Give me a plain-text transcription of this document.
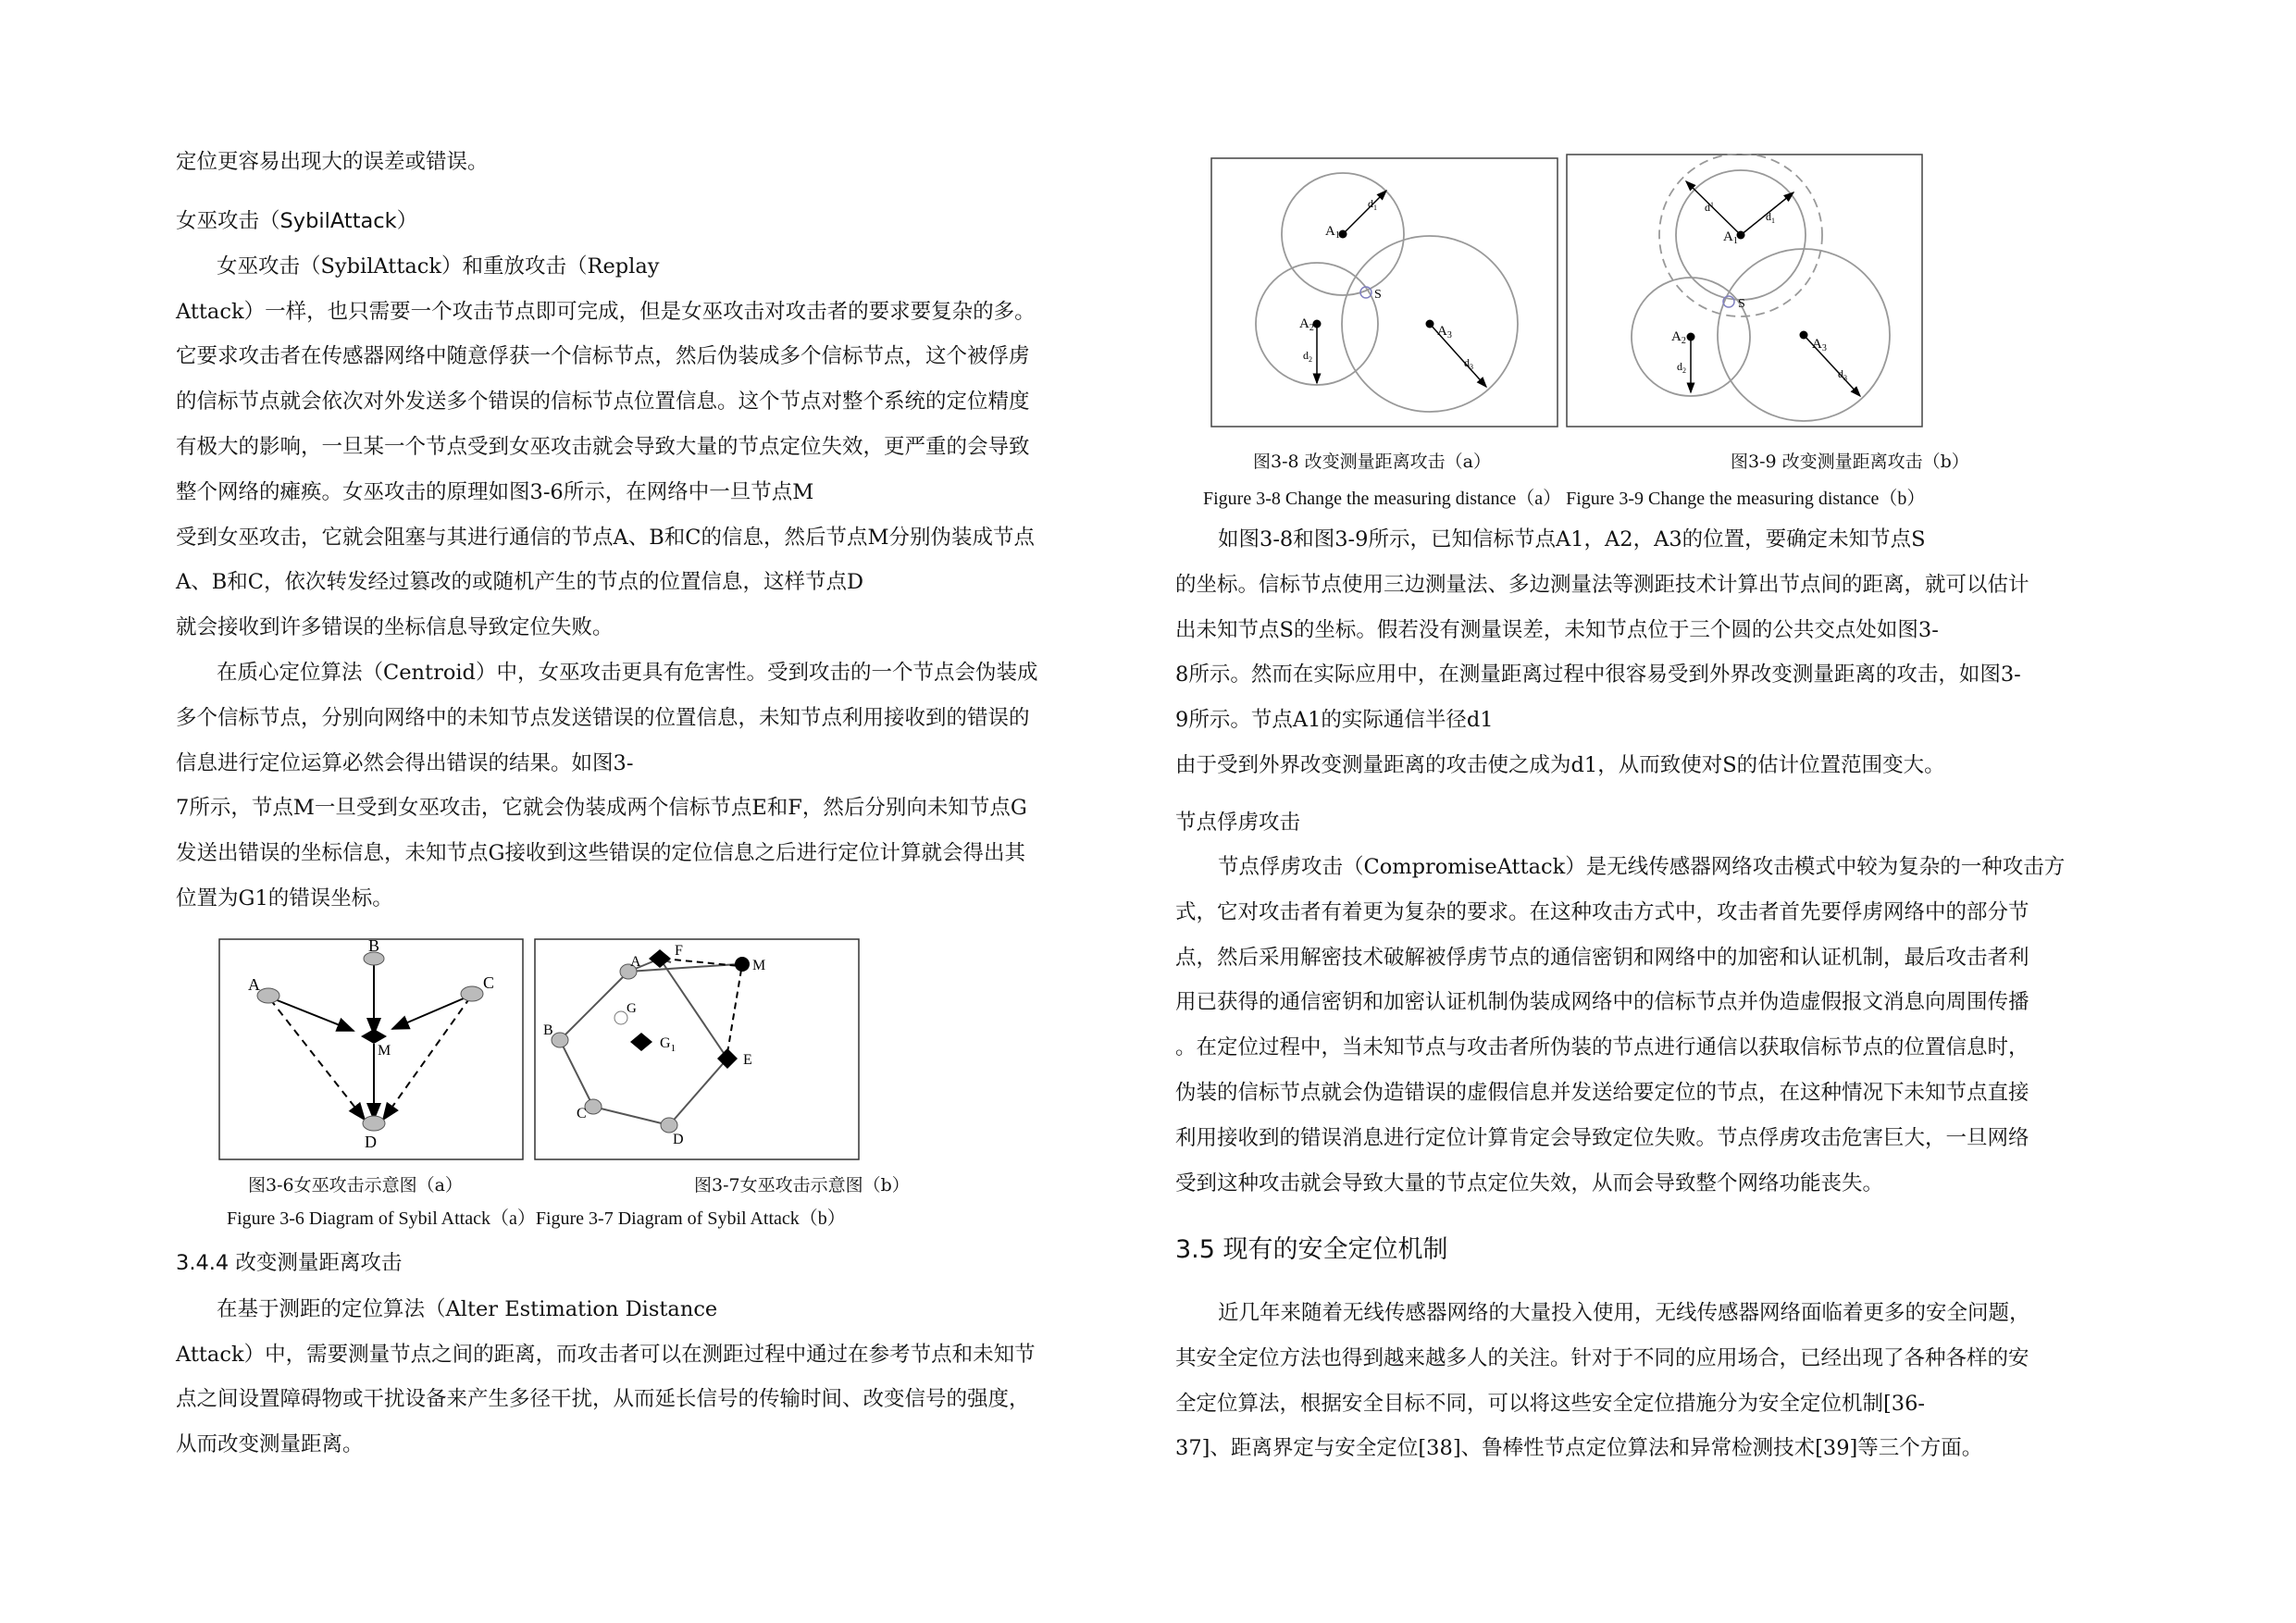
定位更容易出现大的误差或错误。
女巫攻击（SybilAttack）
女巫攻击（SybilAttack）和重放攻击（Replay
Attack）一样，也只需要一个攻击节点即可完成，但是女巫攻击对攻击者的要求要复杂的多。
它要求攻击者在传感器网络中随意俘获一个信标节点，然后伪装成多个信标节点，这个被俘虏
的信标节点就会依次对外发送多个错误的信标节点位置信息。这个节点对整个系统的定位精度
有极大的影响，一旦某一个节点受到女巫攻击就会导致大量的节点定位失效，更严重的会导致
整个网络的瘫痪。女巫攻击的原理如图3-6所示，在网络中一旦节点M
受到女巫攻击，它就会阻塞与其进行通信的节点A、B和C的信息，然后节点M分别伪装成节点
A、B和C，依次转发经过篡改的或随机产生的节点的位置信息，这样节点D
就会接收到许多错误的坐标信息导致定位失败。
在质心定位算法（Centroid）中，女巫攻击更具有危害性。受到攻击的一个节点会伪装成
多个信标节点，分别向网络中的未知节点发送错误的位置信息，未知节点利用接收到的错误的
信息进行定位运算必然会得出错误的结果。如图3-
7所示，节点M一旦受到女巫攻击，它就会伪装成两个信标节点E和F，然后分别向未知节点G
发送出错误的坐标信息，未知节点G接收到这些错误的定位信息之后进行定位计算就会得出其
位置为G1的错误坐标。
图3-6女巫攻击示意图（a）	图3-7女巫攻击示意图（b）
Figure 3-6 Diagram of Sybil Attack（a）Figure 3-7 Diagram of Sybil Attack（b）
3.4.4 改变测量距离攻击
在基于测距的定位算法（Alter Estimation Distance
Attack）中，需要测量节点之间的距离，而攻击者可以在测距过程中通过在参考节点和未知节
点之间设置障碍物或干扰设备来产生多径干扰，从而延长信号的传输时间、改变信号的强度，
从而改变测量距离。
B
A	C
M
D
A
F
M
G
$G_1$
B
E
C
D
$A_1$
$d_1$
S
$A_2$
$d_2$
$A_3$
$d_3$
$A_1$
$d_1$
$d^1$
S
$A_2$
$d_2$
$A_3$
$d_3$
图3-8 改变测量距离攻击（a）	图3-9 改变测量距离攻击（b）
Figure 3-8 Change the measuring distance（a） Figure 3-9 Change the measuring distance（b）
如图3-8和图3-9所示，已知信标节点A1，A2，A3的位置，要确定未知节点S
的坐标。信标节点使用三边测量法、多边测量法等测距技术计算出节点间的距离，就可以估计
出未知节点S的坐标。假若没有测量误差，未知节点位于三个圆的公共交点处如图3-
8所示。然而在实际应用中，在测量距离过程中很容易受到外界改变测量距离的攻击，如图3-
9所示。节点A1的实际通信半径d1
由于受到外界改变测量距离的攻击使之成为d1，从而致使对S的估计位置范围变大。
节点俘虏攻击
节点俘虏攻击（CompromiseAttack）是无线传感器网络攻击模式中较为复杂的一种攻击方
式，它对攻击者有着更为复杂的要求。在这种攻击方式中，攻击者首先要俘虏网络中的部分节
点，然后采用解密技术破解被俘虏节点的通信密钥和网络中的加密和认证机制，最后攻击者利
用已获得的通信密钥和加密认证机制伪装成网络中的信标节点并伪造虚假报文消息向周围传播
。在定位过程中，当未知节点与攻击者所伪装的节点进行通信以获取信标节点的位置信息时，
伪装的信标节点就会伪造错误的虚假信息并发送给要定位的节点，在这种情况下未知节点直接
利用接收到的错误消息进行定位计算肯定会导致定位失败。节点俘虏攻击危害巨大，一旦网络
受到这种攻击就会导致大量的节点定位失效，从而会导致整个网络功能丧失。
3.5 现有的安全定位机制
近几年来随着无线传感器网络的大量投入使用，无线传感器网络面临着更多的安全问题，
其安全定位方法也得到越来越多人的关注。针对于不同的应用场合，已经出现了各种各样的安
全定位算法，根据安全目标不同，可以将这些安全定位措施分为安全定位机制[36-
37]、距离界定与安全定位[38]、鲁棒性节点定位算法和异常检测技术[39]等三个方面。
